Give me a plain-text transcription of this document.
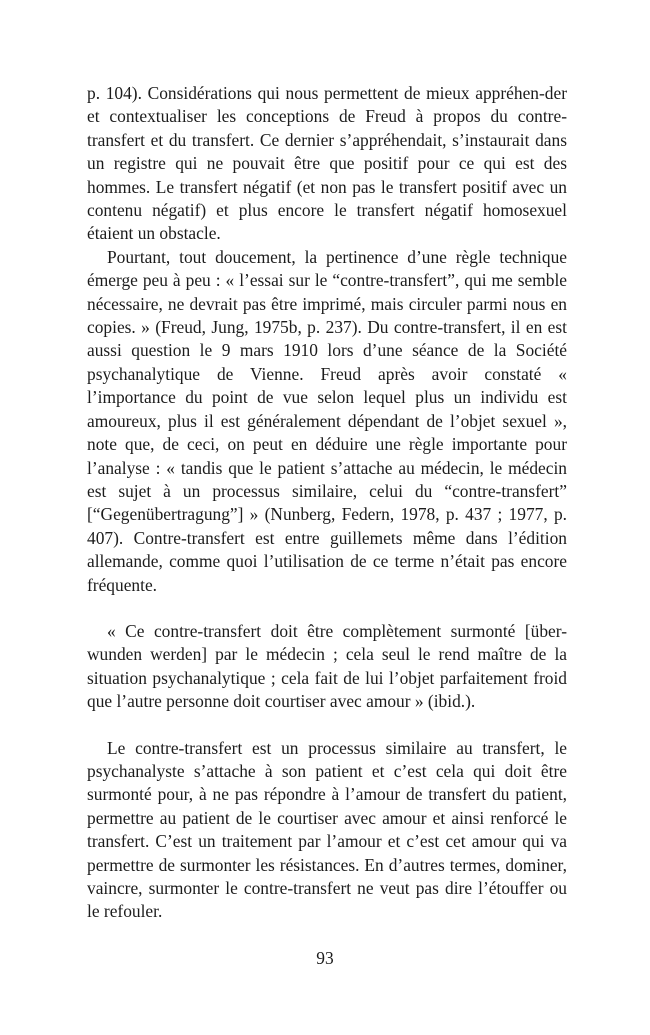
p. 104). Considérations qui nous permettent de mieux appréhen-der et contextualiser les conceptions de Freud à propos du contre-transfert et du transfert. Ce dernier s’appréhendait, s’instaurait dans un registre qui ne pouvait être que positif pour ce qui est des hommes. Le transfert négatif (et non pas le transfert positif avec un contenu négatif) et plus encore le transfert négatif homosexuel étaient un obstacle.

Pourtant, tout doucement, la pertinence d’une règle technique émerge peu à peu : « l’essai sur le “contre-transfert”, qui me semble nécessaire, ne devrait pas être imprimé, mais circuler parmi nous en copies. » (Freud, Jung, 1975b, p. 237). Du contre-transfert, il en est aussi question le 9 mars 1910 lors d’une séance de la Société psychanalytique de Vienne. Freud après avoir constaté « l’importance du point de vue selon lequel plus un individu est amoureux, plus il est généralement dépendant de l’objet sexuel », note que, de ceci, on peut en déduire une règle importante pour l’analyse : « tandis que le patient s’attache au médecin, le médecin est sujet à un processus similaire, celui du “contre-transfert” [“Gegenübertragung”] » (Nunberg, Federn, 1978, p. 437 ; 1977, p. 407). Contre-transfert est entre guillemets même dans l’édition allemande, comme quoi l’utilisation de ce terme n’était pas encore fréquente.

« Ce contre-transfert doit être complètement surmonté [über-wunden werden] par le médecin ; cela seul le rend maître de la situation psychanalytique ; cela fait de lui l’objet parfaitement froid que l’autre personne doit courtiser avec amour » (ibid.).

Le contre-transfert est un processus similaire au transfert, le psychanalyste s’attache à son patient et c’est cela qui doit être surmonté pour, à ne pas répondre à l’amour de transfert du patient, permettre au patient de le courtiser avec amour et ainsi renforcé le transfert. C’est un traitement par l’amour et c’est cet amour qui va permettre de surmonter les résistances. En d’autres termes, dominer, vaincre, surmonter le contre-transfert ne veut pas dire l’étouffer ou le refouler.

93
